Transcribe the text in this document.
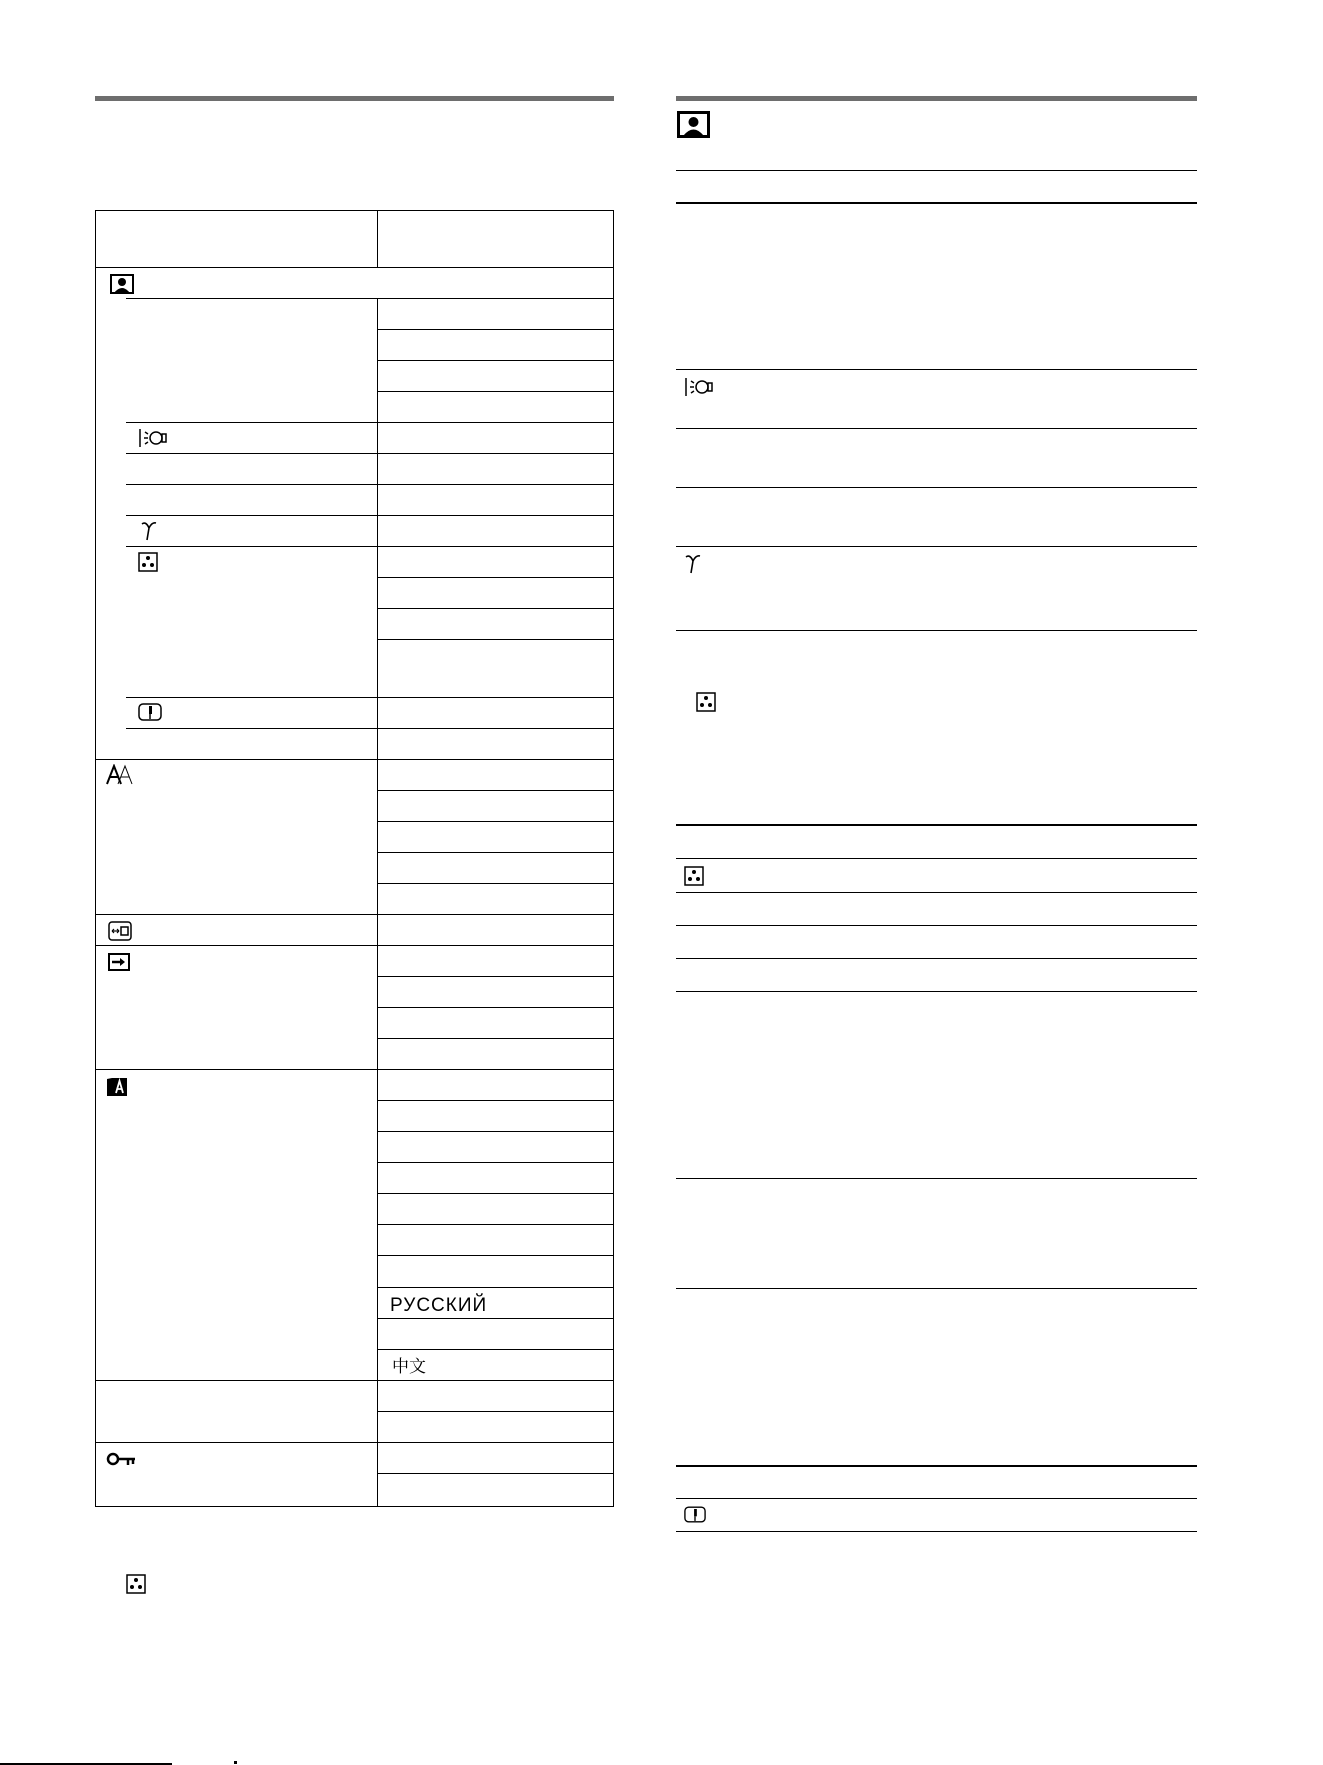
РУССКИЙ
中文
